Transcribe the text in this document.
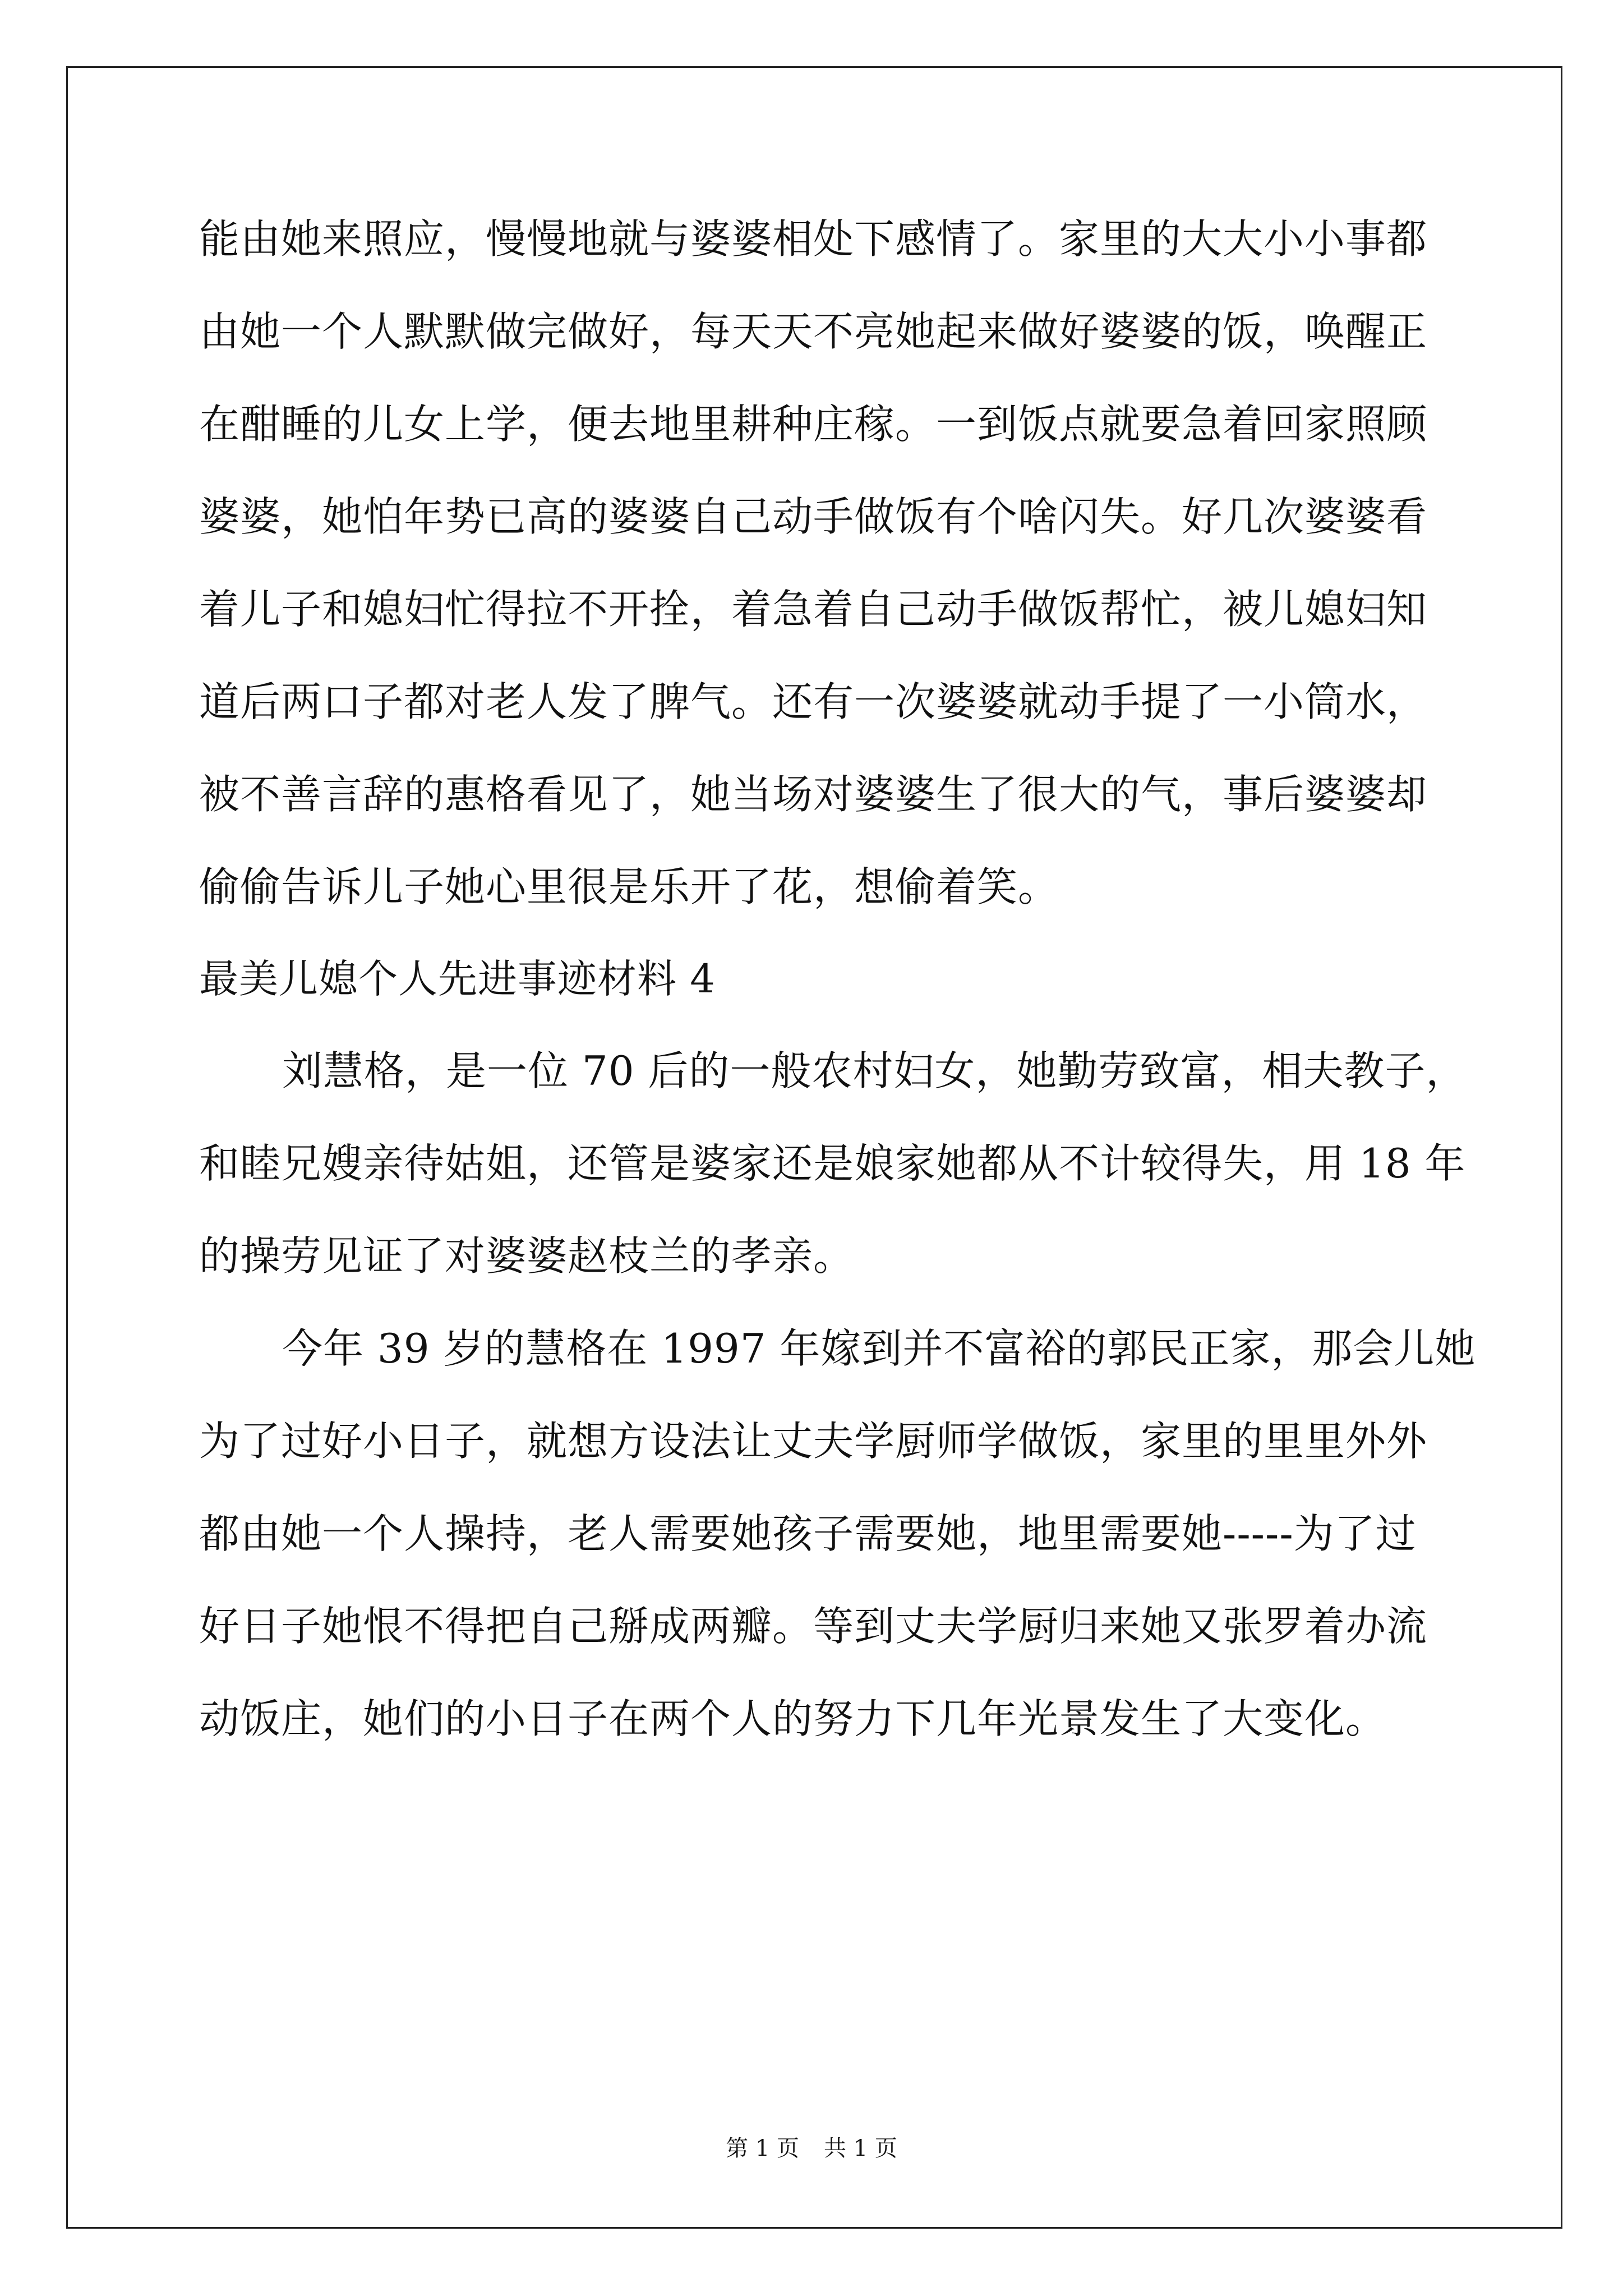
能由她来照应，慢慢地就与婆婆相处下感情了。家里的大大小小事都
由她一个人默默做完做好，每天天不亮她起来做好婆婆的饭，唤醒正
在酣睡的儿女上学，便去地里耕种庄稼。一到饭点就要急着回家照顾
婆婆，她怕年势已高的婆婆自己动手做饭有个啥闪失。好几次婆婆看
着儿子和媳妇忙得拉不开拴，着急着自己动手做饭帮忙，被儿媳妇知
道后两口子都对老人发了脾气。还有一次婆婆就动手提了一小筒水，
被不善言辞的惠格看见了，她当场对婆婆生了很大的气，事后婆婆却
偷偷告诉儿子她心里很是乐开了花，想偷着笑。
最美儿媳个人先进事迹材料 4
刘慧格，是一位 70 后的一般农村妇女，她勤劳致富，相夫教子，
和睦兄嫂亲待姑姐，还管是婆家还是娘家她都从不计较得失，用 18 年
的操劳见证了对婆婆赵枝兰的孝亲。
今年 39 岁的慧格在 1997 年嫁到并不富裕的郭民正家，那会儿她
为了过好小日子，就想方设法让丈夫学厨师学做饭，家里的里里外外
都由她一个人操持，老人需要她孩子需要她，地里需要她-----为了过
好日子她恨不得把自己掰成两瓣。等到丈夫学厨归来她又张罗着办流
动饭庄，她们的小日子在两个人的努力下几年光景发生了大变化。
第 1 页 共 1 页
